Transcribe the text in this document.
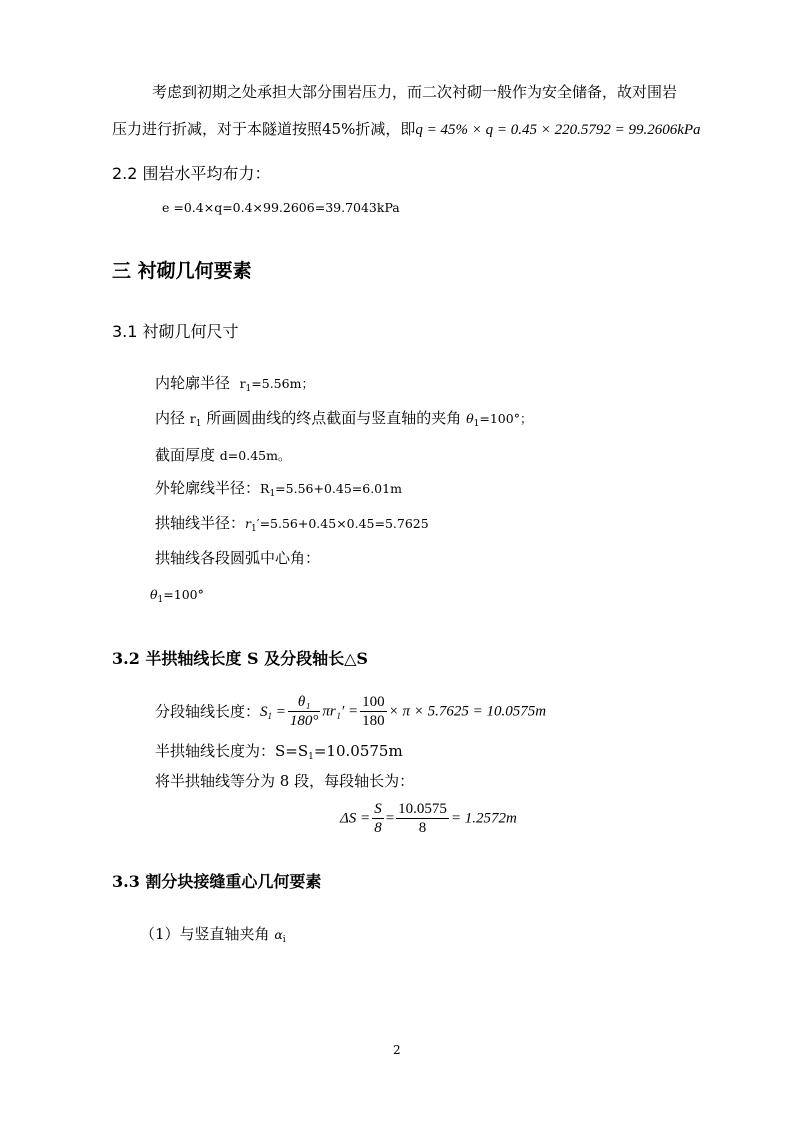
考虑到初期之处承担大部分围岩压力，而二次衬砌一般作为安全储备，故对围岩
压力进行折减，对于本隧道按照45%折减，即q = 45% × q = 0.45 × 220.5792 = 99.2606kPa
2.2 围岩水平均布力：
e =0.4×q=0.4×99.2606=39.7043kPa
三 衬砌几何要素
3.1 衬砌几何尺寸
内轮廓半径 $r_1=5.56m$；
内径 $r_1$ 所画圆曲线的终点截面与竖直轴的夹角 $\theta_1=100^\circ$；
截面厚度 d=0.45m。
外轮廓线半径：$R_1=5.56+0.45=6.01m$
拱轴线半径：$r_1'=5.56+0.45\times 0.45=5.7625$
拱轴线各段圆弧中心角：
$\theta_1=100^\circ$
3.2 半拱轴线长度 S 及分段轴长△S
分段轴线长度：$S_1 = \frac{\text{θ₁}}{180^\circ} \pi r_1' = \frac{100}{180} \times \pi \times 5.7625 = 10.0575m$
半拱轴线长度为：$S=S_1=10.0575m$
将半拱轴线等分为 8 段，每段轴长为：
$\Delta S = \frac{S}{8} = \frac{10.0575}{8} = 1.2572m$
3.3 割分块接缝重心几何要素
（1）与竖直轴夹角 $\alpha_i$
2
